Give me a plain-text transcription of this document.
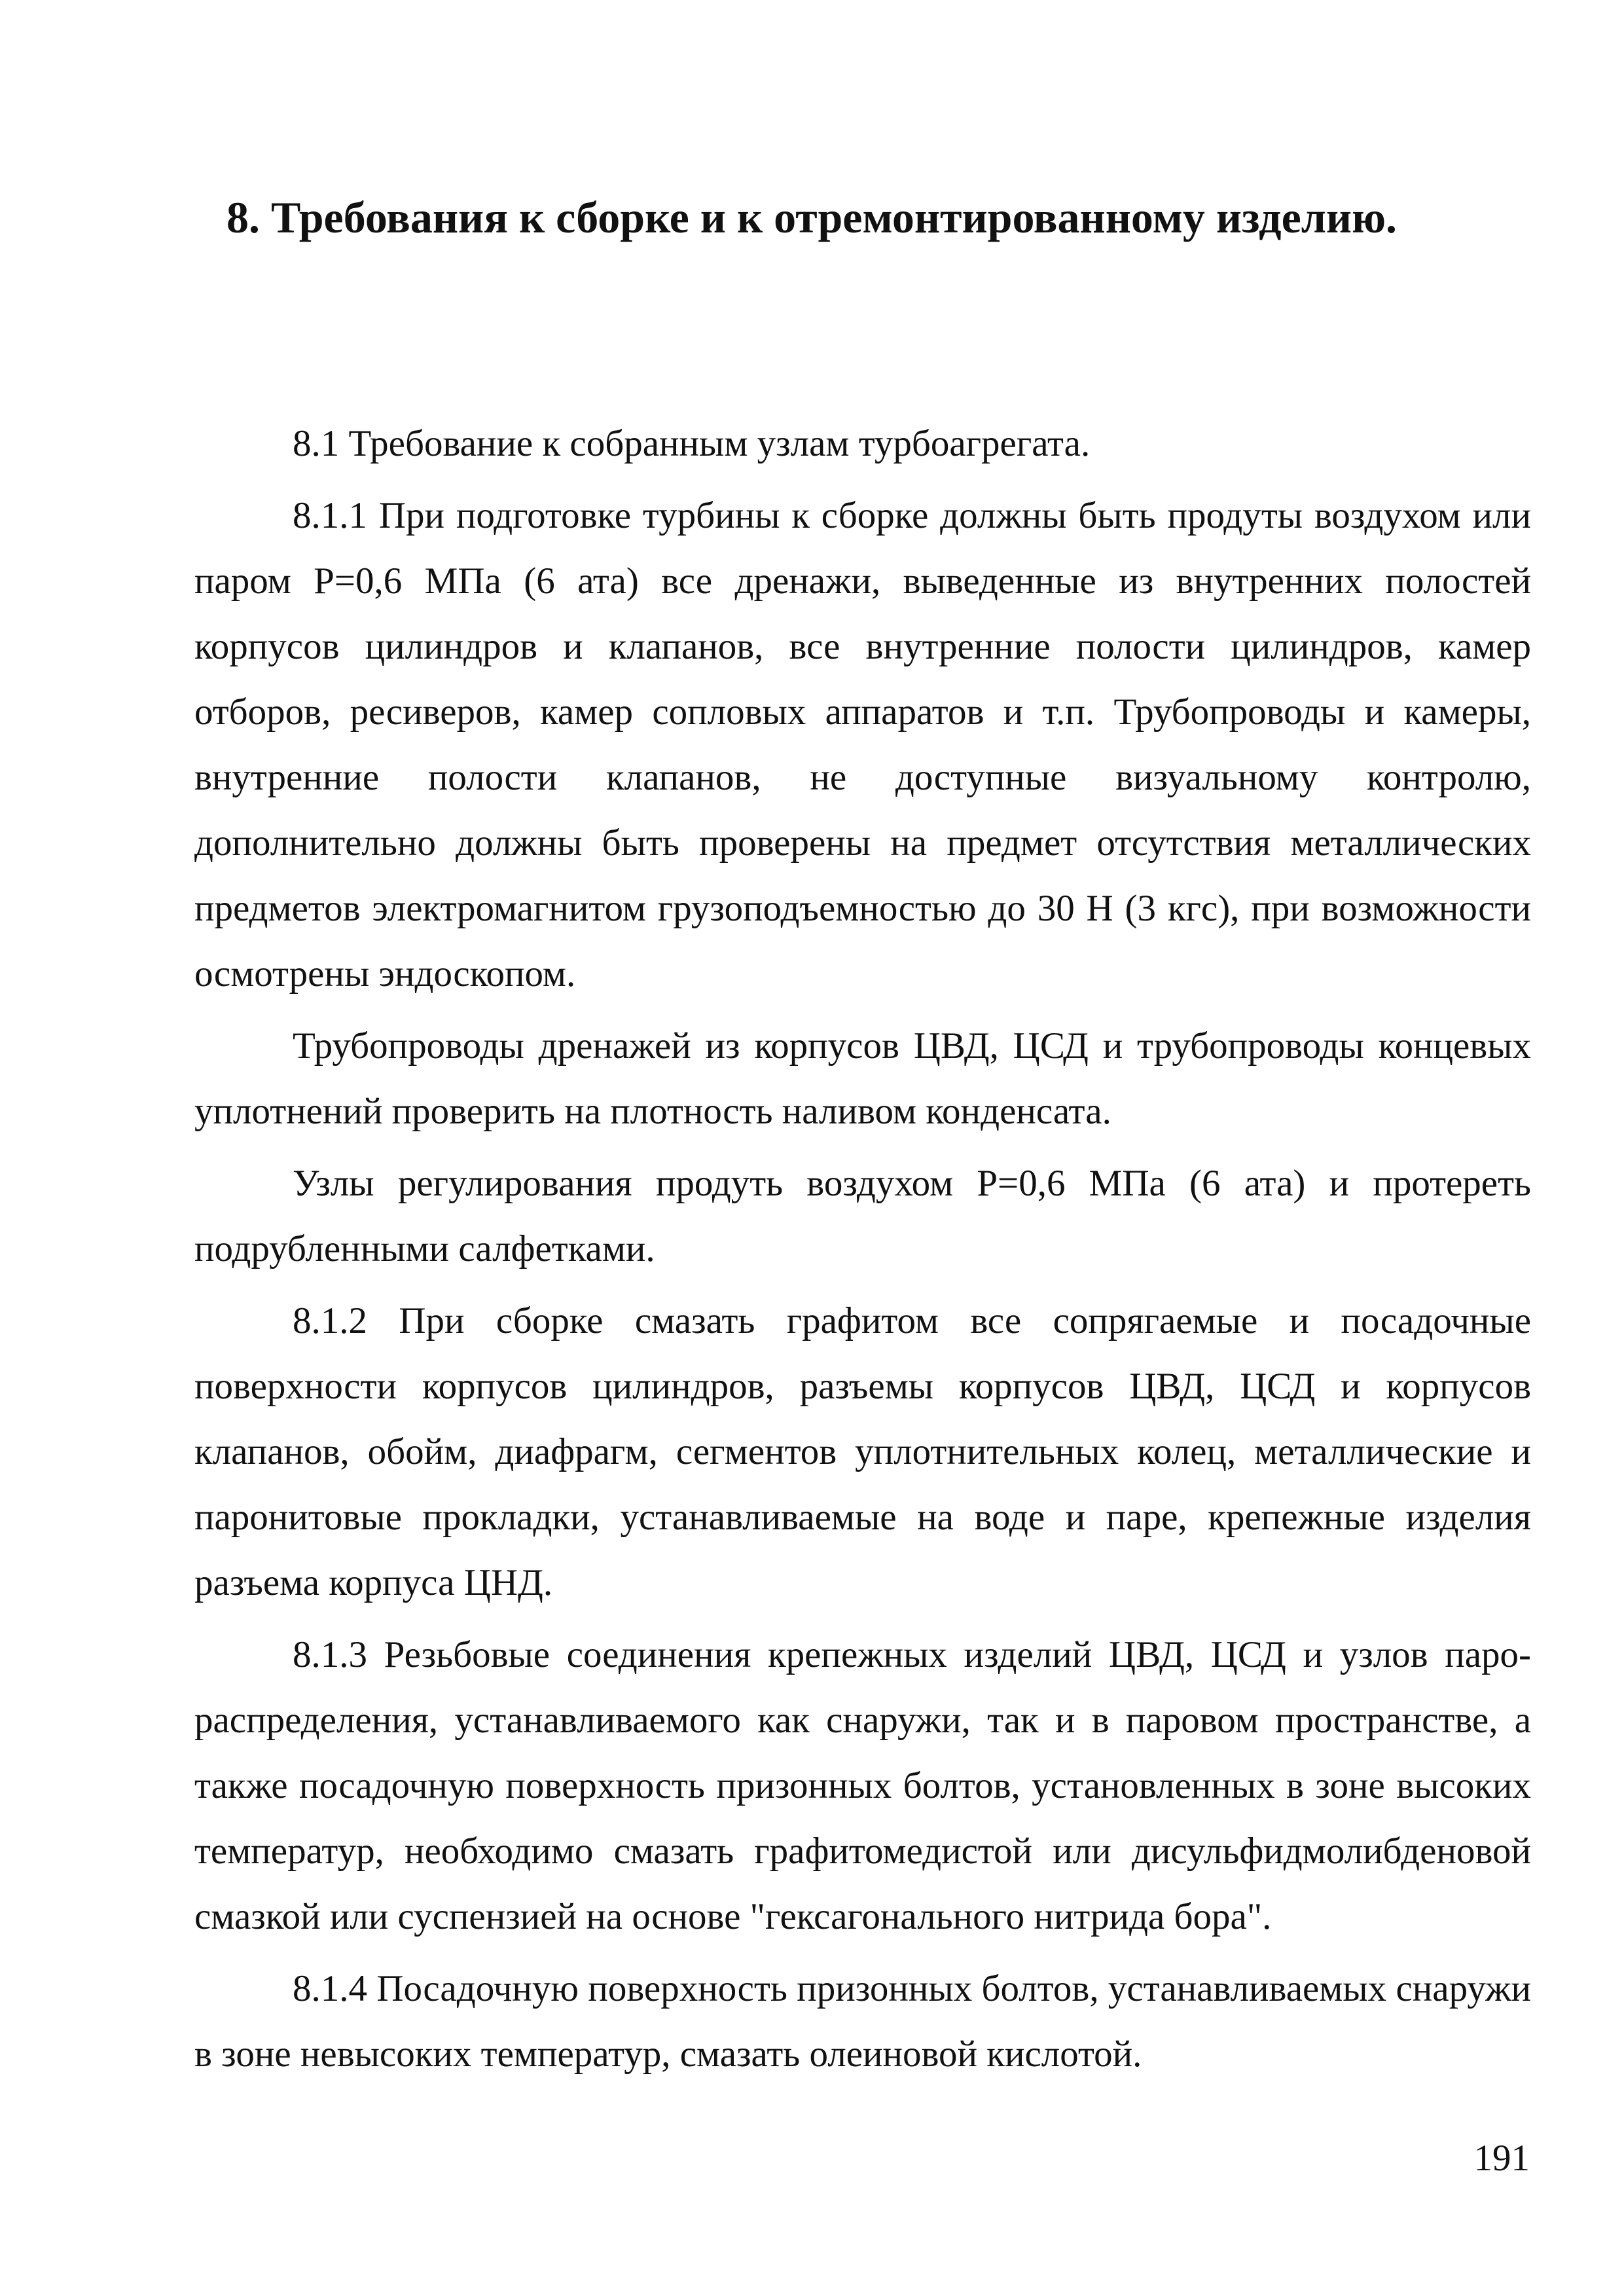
8. Требования к сборке и к отремонтированному изделию.

8.1 Требование к собранным узлам турбоагрегата.

8.1.1 При подготовке турбины к сборке должны быть продуты воздухом или паром Р=0,6 МПа (6 ата) все дренажи, выведенные из внутренних полостей корпусов цилиндров и клапанов, все внутренние полости цилиндров, камер отборов, ресиверов, камер сопловых аппаратов и т.п. Трубопроводы и камеры, внутренние полости клапанов, не доступные визуальному контролю, дополнительно должны быть проверены на предмет отсутствия металлических предметов электромагнитом грузоподъемностью до 30 Н (3 кгс), при возможности осмотрены эндоскопом.

Трубопроводы дренажей из корпусов ЦВД, ЦСД и трубопроводы концевых уплотнений проверить на плотность наливом конденсата.

Узлы регулирования продуть воздухом Р=0,6 МПа (6 ата) и протереть подрубленными салфетками.

8.1.2 При сборке смазать графитом все сопрягаемые и посадочные поверхности корпусов цилиндров, разъемы корпусов ЦВД, ЦСД и корпусов клапанов, обойм, диафрагм, сегментов уплотнительных колец, металлические и паронитовые прокладки, устанавливаемые на воде и паре, крепежные изделия разъема корпуса ЦНД.

8.1.3 Резьбовые соединения крепежных изделий ЦВД, ЦСД и узлов парораспределения, устанавливаемого как снаружи, так и в паровом пространстве, а также посадочную поверхность призонных болтов, установленных в зоне высоких температур, необходимо смазать графитомедистой или дисульфидмолибденовой смазкой или суспензией на основе "гексагонального нитрида бора".

8.1.4 Посадочную поверхность призонных болтов, устанавливаемых снаружи в зоне невысоких температур, смазать олеиновой кислотой.

191
